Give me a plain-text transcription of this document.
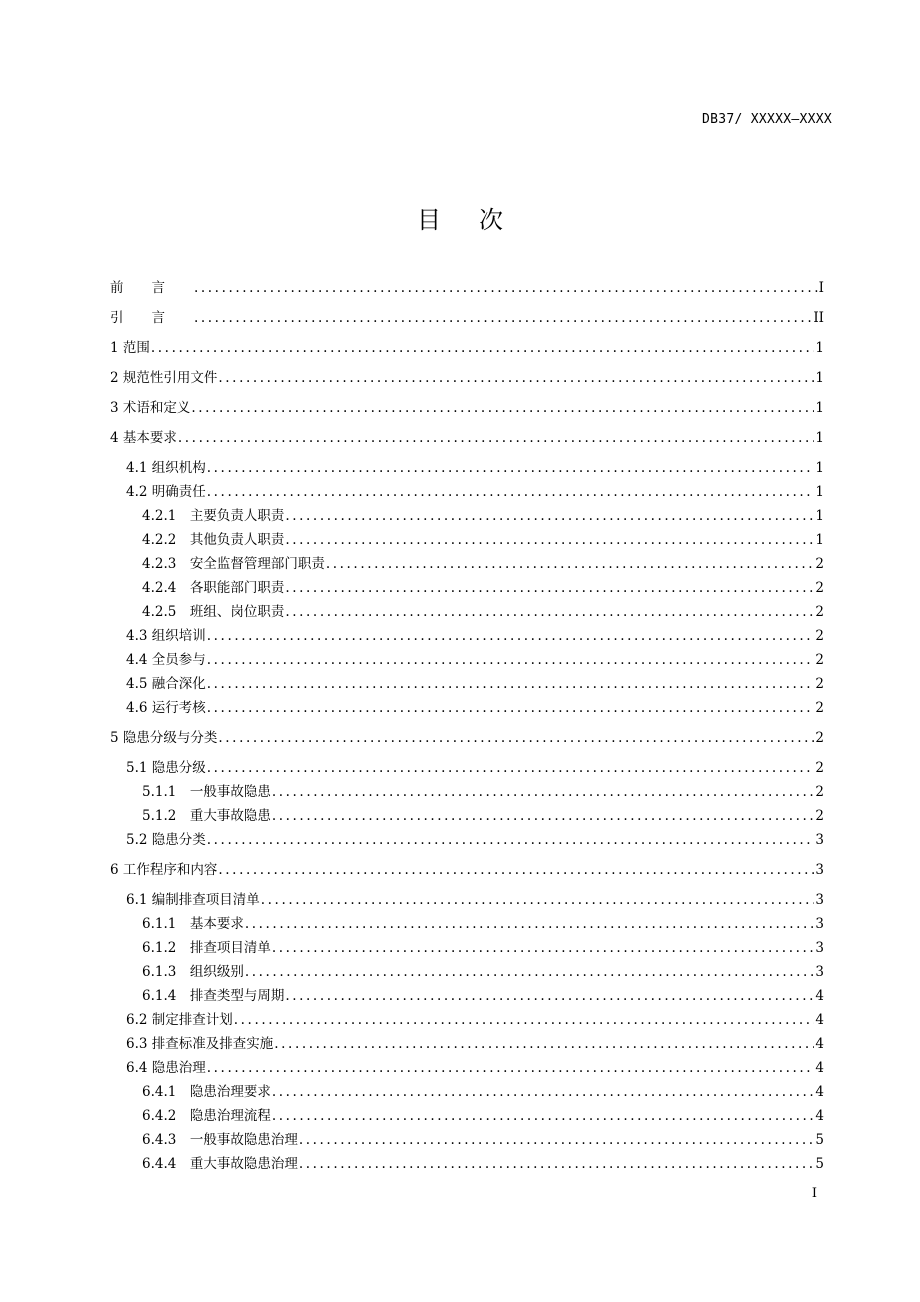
DB37/ XXXXX—XXXX
目次
前言 .....	I
引言 .....	II
1 范围 .....	1
2 规范性引用文件 .....	1
3 术语和定义 .....	1
4 基本要求 .....	1
4.1 组织机构 .....	1
4.2 明确责任 .....	1
4.2.1　主要负责人职责 .....	1
4.2.2　其他负责人职责 .....	1
4.2.3　安全监督管理部门职责 .....	2
4.2.4　各职能部门职责 .....	2
4.2.5　班组、岗位职责 .....	2
4.3 组织培训 .....	2
4.4 全员参与 .....	2
4.5 融合深化 .....	2
4.6 运行考核 .....	2
5 隐患分级与分类 .....	2
5.1 隐患分级 .....	2
5.1.1　一般事故隐患 .....	2
5.1.2　重大事故隐患 .....	2
5.2 隐患分类 .....	3
6 工作程序和内容 .....	3
6.1 编制排查项目清单 .....	3
6.1.1　基本要求 .....	3
6.1.2　排查项目清单 .....	3
6.1.3　组织级别 .....	3
6.1.4　排查类型与周期 .....	4
6.2 制定排查计划 .....	4
6.3 排查标准及排查实施 .....	4
6.4 隐患治理 .....	4
6.4.1　隐患治理要求 .....	4
6.4.2　隐患治理流程 .....	4
6.4.3　一般事故隐患治理 .....	5
6.4.4　重大事故隐患治理 .....	5
I
